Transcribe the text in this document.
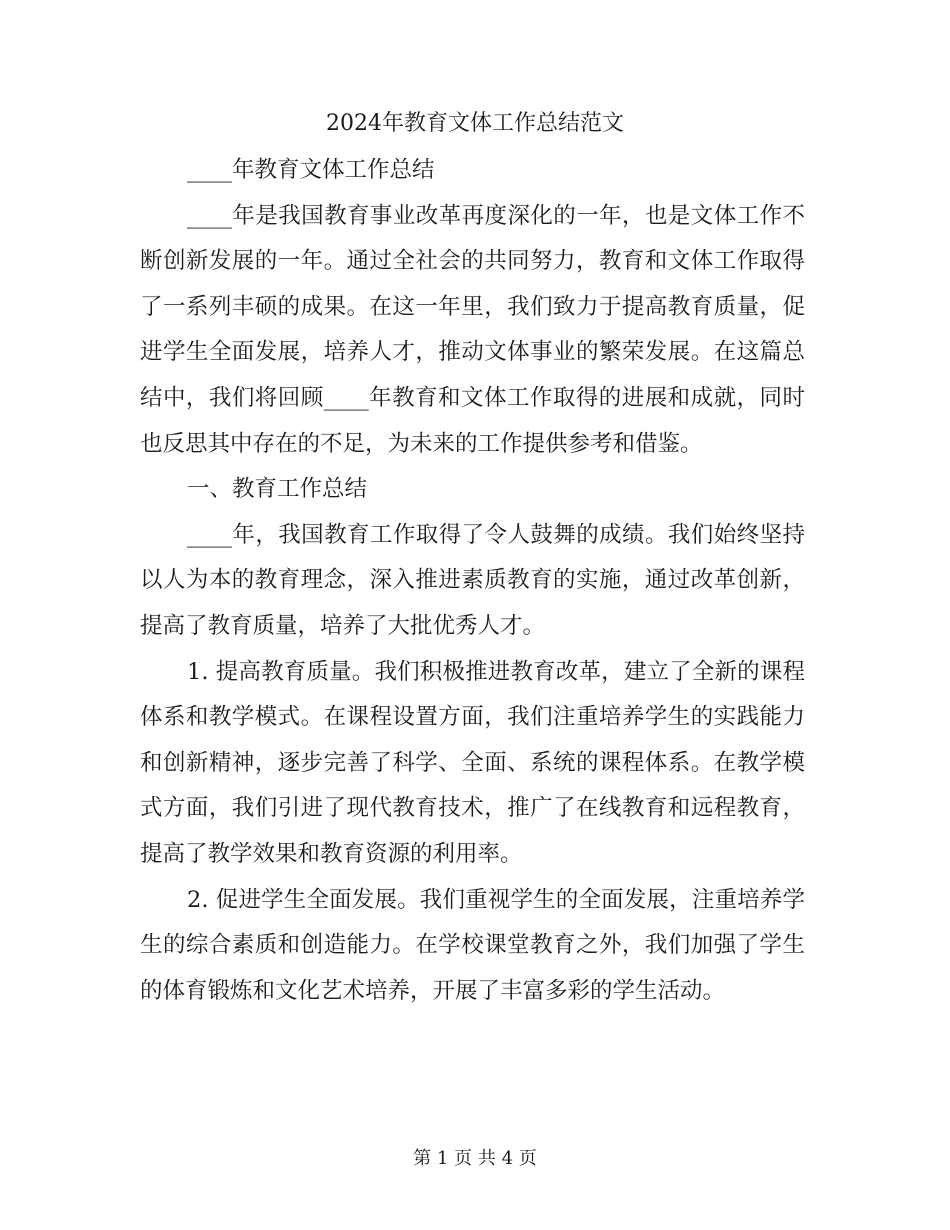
2024年教育文体工作总结范文

____年教育文体工作总结

____年是我国教育事业改革再度深化的一年，也是文体工作不断创新发展的一年。通过全社会的共同努力，教育和文体工作取得了一系列丰硕的成果。在这一年里，我们致力于提高教育质量，促进学生全面发展，培养人才，推动文体事业的繁荣发展。在这篇总结中，我们将回顾____年教育和文体工作取得的进展和成就，同时也反思其中存在的不足，为未来的工作提供参考和借鉴。

一、教育工作总结

____年，我国教育工作取得了令人鼓舞的成绩。我们始终坚持以人为本的教育理念，深入推进素质教育的实施，通过改革创新，提高了教育质量，培养了大批优秀人才。

1. 提高教育质量。我们积极推进教育改革，建立了全新的课程体系和教学模式。在课程设置方面，我们注重培养学生的实践能力和创新精神，逐步完善了科学、全面、系统的课程体系。在教学模式方面，我们引进了现代教育技术，推广了在线教育和远程教育，提高了教学效果和教育资源的利用率。

2. 促进学生全面发展。我们重视学生的全面发展，注重培养学生的综合素质和创造能力。在学校课堂教育之外，我们加强了学生的体育锻炼和文化艺术培养，开展了丰富多彩的学生活动。

第 1 页 共 4 页
